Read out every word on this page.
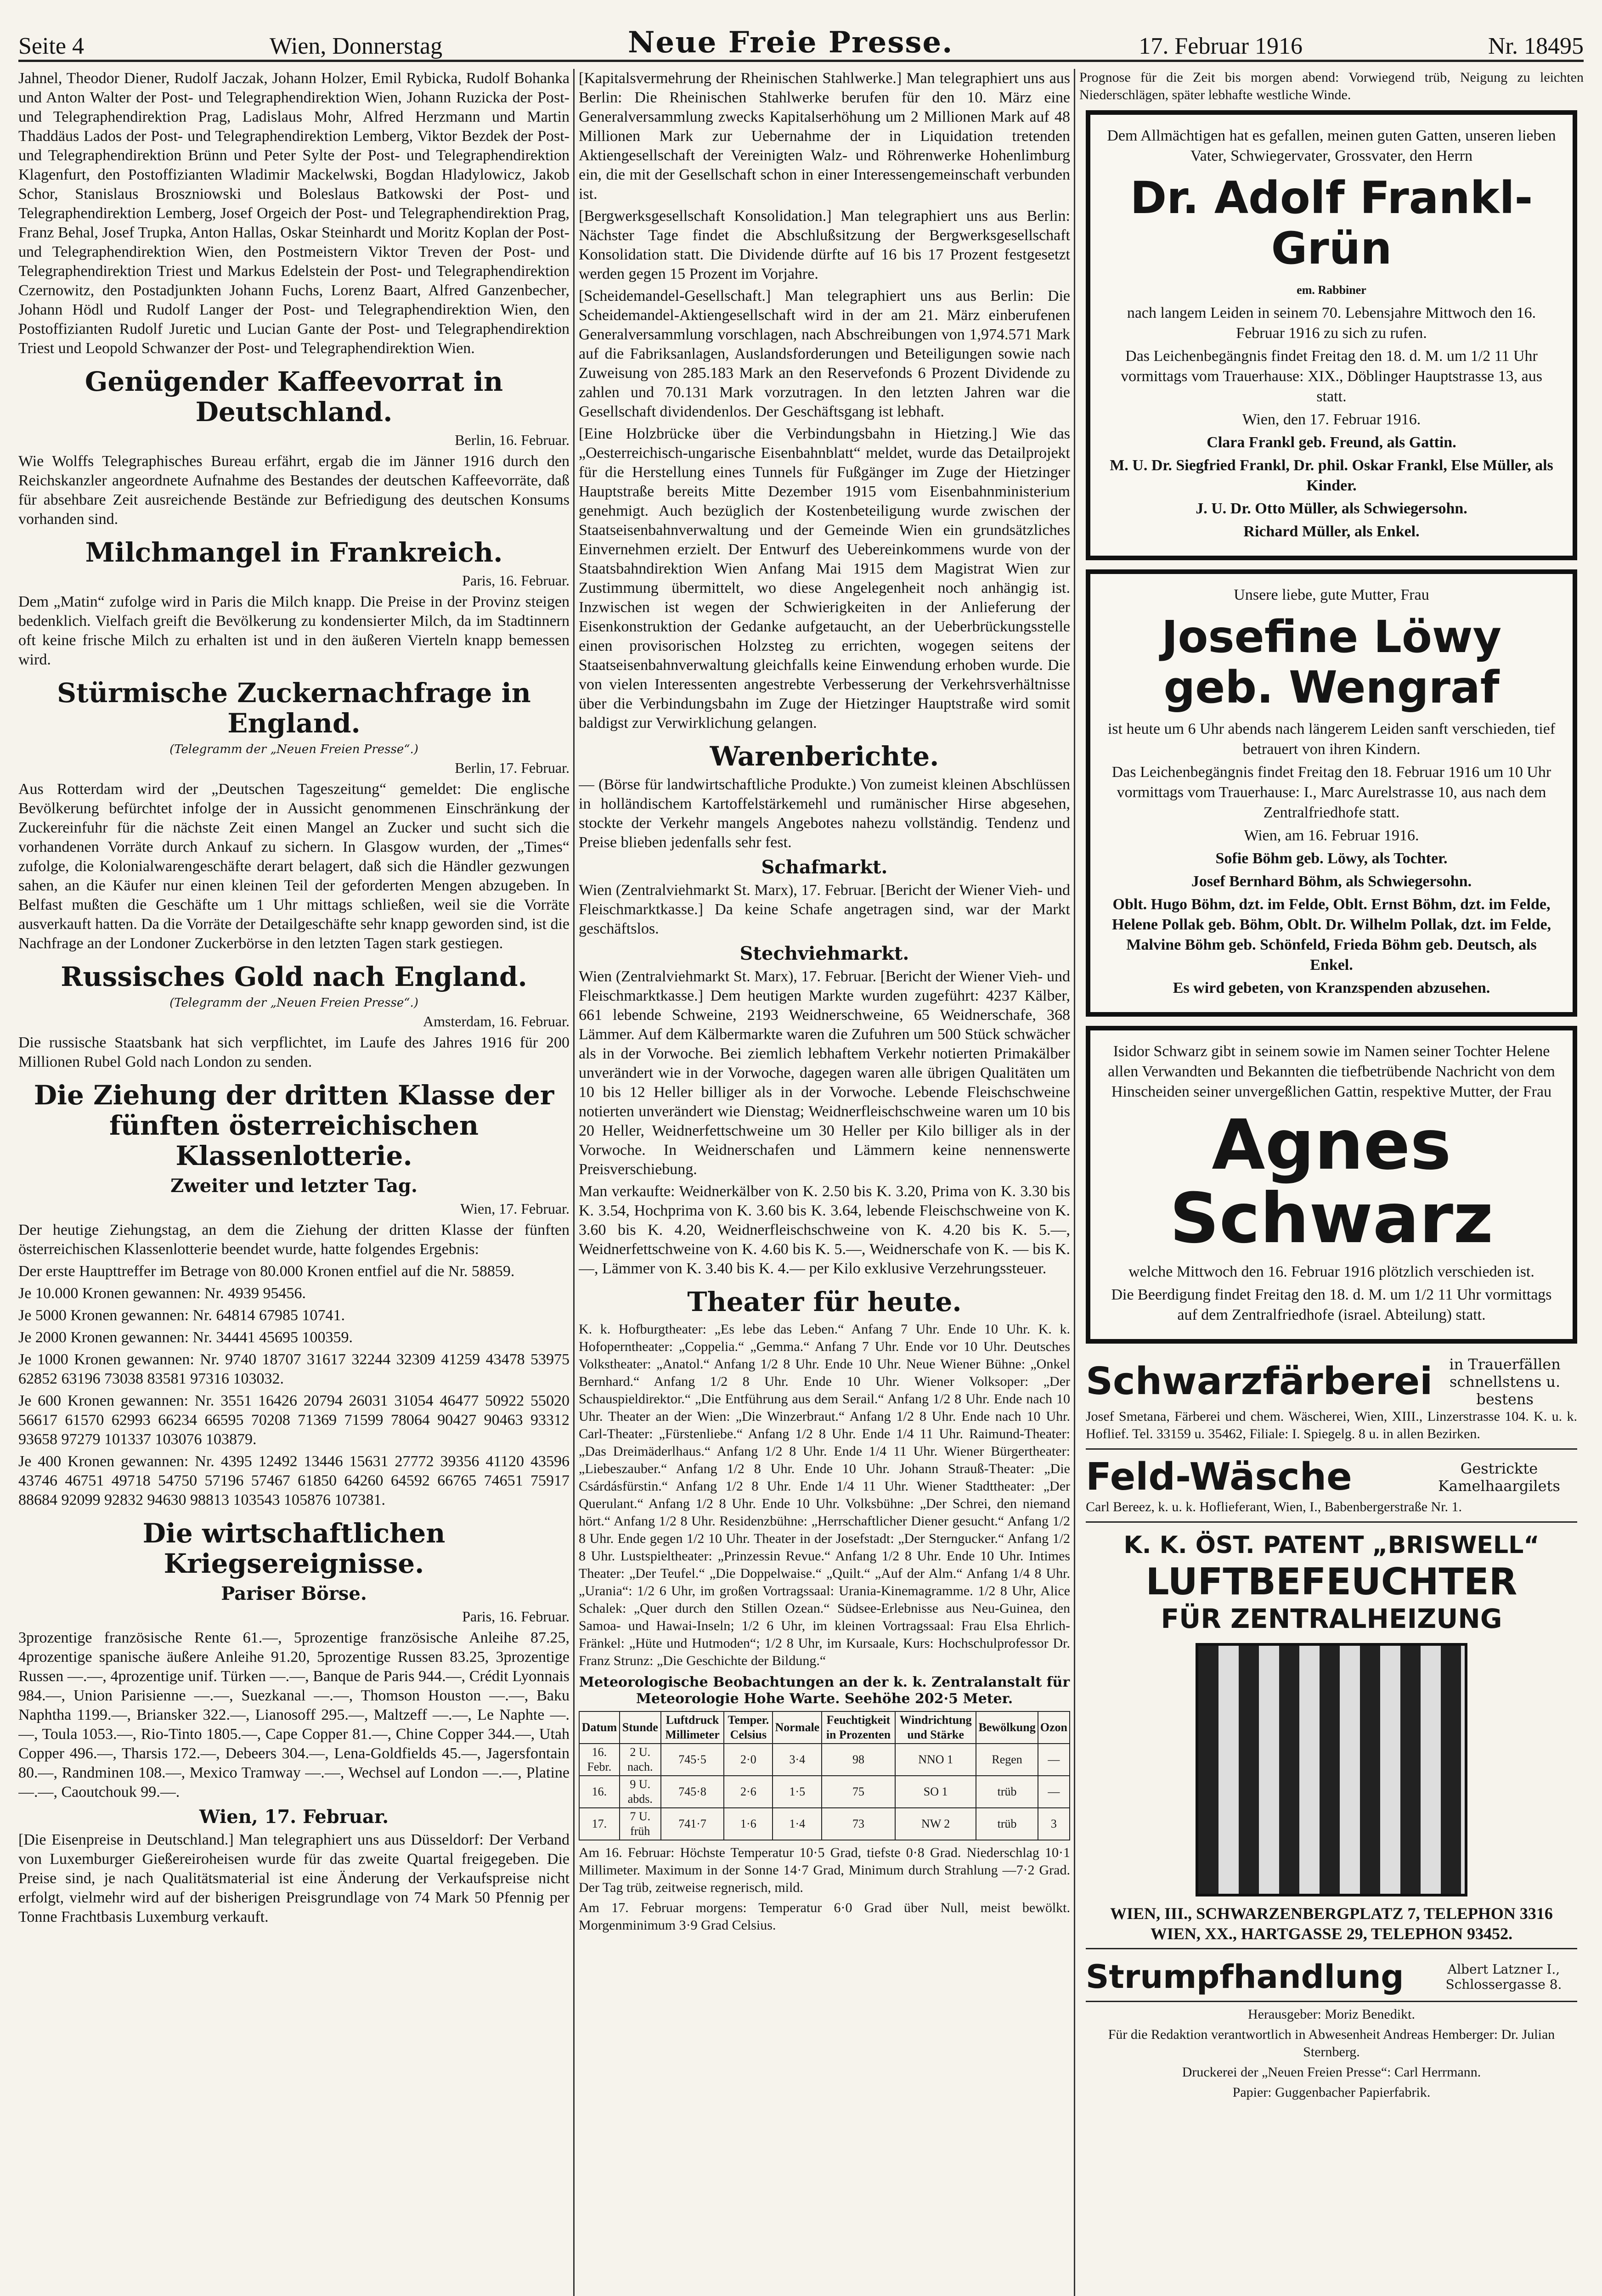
Seite 4	Wien, Donnerstag	Neue Freie Presse.	17. Februar 1916	Nr. 18495

Jahnel, Theodor Diener, Rudolf Jaczak, Johann Holzer, Emil Rybicka, Rudolf Bohanka und Anton Walter der Post- und Telegraphendirektion Wien, Johann Ruzicka der Post- und Telegraphendirektion Prag, Ladislaus Mohr, Alfred Herzmann und Martin Thaddäus Lados der Post- und Telegraphendirektion Lemberg, Viktor Bezdek der Post- und Telegraphendirektion Brünn und Peter Sylte der Post- und Telegraphendirektion Klagenfurt, den Postoffizianten Wladimir Mackelwski, Bogdan Hladylowicz, Jakob Schor, Stanislaus Broszniowski und Boleslaus Batkowski der Post- und Telegraphendirektion Lemberg, Josef Orgeich der Post- und Telegraphendirektion Prag, Franz Behal, Josef Trupka, Anton Hallas, Oskar Steinhardt und Moritz Koplan der Post- und Telegraphendirektion Wien, den Postmeistern Viktor Treven der Post- und Telegraphendirektion Triest und Markus Edelstein der Post- und Telegraphendirektion Czernowitz, den Postadjunkten Johann Fuchs, Lorenz Baart, Alfred Ganzenbecher, Johann Hödl und Rudolf Langer der Post- und Telegraphendirektion Wien, den Postoffizianten Rudolf Juretic und Lucian Gante der Post- und Telegraphendirektion Triest und Leopold Schwanzer der Post- und Telegraphendirektion Wien.

Genügender Kaffeevorrat in Deutschland.
Berlin, 16. Februar.

Wie Wolffs Telegraphisches Bureau erfährt, ergab die im Jänner 1916 durch den Reichskanzler angeordnete Aufnahme des Bestandes der deutschen Kaffeevorräte, daß für absehbare Zeit ausreichende Bestände zur Befriedigung des deutschen Konsums vorhanden sind.

Milchmangel in Frankreich.
Paris, 16. Februar.

Dem „Matin“ zufolge wird in Paris die Milch knapp. Die Preise in der Provinz steigen bedenklich. Vielfach greift die Bevölkerung zu kondensierter Milch, da im Stadtinnern oft keine frische Milch zu erhalten ist und in den äußeren Vierteln knapp bemessen wird.

Stürmische Zuckernachfrage in England.
(Telegramm der „Neuen Freien Presse“.)
Berlin, 17. Februar.

Aus Rotterdam wird der „Deutschen Tageszeitung“ gemeldet: Die englische Bevölkerung befürchtet infolge der in Aussicht genommenen Einschränkung der Zuckereinfuhr für die nächste Zeit einen Mangel an Zucker und sucht sich die vorhandenen Vorräte durch Ankauf zu sichern. In Glasgow wurden, der „Times“ zufolge, die Kolonialwarengeschäfte derart belagert, daß sich die Händler gezwungen sahen, an die Käufer nur einen kleinen Teil der geforderten Mengen abzugeben. In Belfast mußten die Geschäfte um 1 Uhr mittags schließen, weil sie die Vorräte ausverkauft hatten. Da die Vorräte der Detailgeschäfte sehr knapp geworden sind, ist die Nachfrage an der Londoner Zuckerbörse in den letzten Tagen stark gestiegen.

Russisches Gold nach England.
(Telegramm der „Neuen Freien Presse“.)
Amsterdam, 16. Februar.

Die russische Staatsbank hat sich verpflichtet, im Laufe des Jahres 1916 für 200 Millionen Rubel Gold nach London zu senden.

Die Ziehung der dritten Klasse der fünften österreichischen Klassenlotterie.
Zweiter und letzter Tag.
Wien, 17. Februar.

Der heutige Ziehungstag, an dem die Ziehung der dritten Klasse der fünften österreichischen Klassenlotterie beendet wurde, hatte folgendes Ergebnis:

Der erste Haupttreffer im Betrage von 80.000 Kronen entfiel auf die Nr. 58859.

Je 10.000 Kronen gewannen: Nr. 4939 95456.

Je 5000 Kronen gewannen: Nr. 64814 67985 10741.

Je 2000 Kronen gewannen: Nr. 34441 45695 100359.

Je 1000 Kronen gewannen: Nr. 9740 18707 31617 32244 32309 41259 43478 53975 62852 63196 73038 83581 97316 103032.

Je 600 Kronen gewannen: Nr. 3551 16426 20794 26031 31054 46477 50922 55020 56617 61570 62993 66234 66595 70208 71369 71599 78064 90427 90463 93312 93658 97279 101337 103076 103879.

Je 400 Kronen gewannen: Nr. 4395 12492 13446 15631 27772 39356 41120 43596 43746 46751 49718 54750 57196 57467 61850 64260 64592 66765 74651 75917 88684 92099 92832 94630 98813 103543 105876 107381.

Die wirtschaftlichen Kriegsereignisse.
Pariser Börse.
Paris, 16. Februar.

3prozentige französische Rente 61.—, 5prozentige französische Anleihe 87.25, 4prozentige spanische äußere Anleihe 91.20, 5prozentige Russen 83.25, 3prozentige Russen —.—, 4prozentige unif. Türken —.—, Banque de Paris 944.—, Crédit Lyonnais 984.—, Union Parisienne —.—, Suezkanal —.—, Thomson Houston —.—, Baku Naphtha 1199.—, Briansker 322.—, Lianosoff 295.—, Maltzeff —.—, Le Naphte —.—, Toula 1053.—, Rio-Tinto 1805.—, Cape Copper 81.—, Chine Copper 344.—, Utah Copper 496.—, Tharsis 172.—, Debeers 304.—, Lena-Goldfields 45.—, Jagersfontain 80.—, Randminen 108.—, Mexico Tramway —.—, Wechsel auf London —.—, Platine —.—, Caoutchouk 99.—.

Wien, 17. Februar.

[Die Eisenpreise in Deutschland.] Man telegraphiert uns aus Düsseldorf: Der Verband von Luxemburger Gießereiroheisen wurde für das zweite Quartal freigegeben. Die Preise sind, je nach Qualitätsmaterial ist eine Änderung der Verkaufspreise nicht erfolgt, vielmehr wird auf der bisherigen Preisgrundlage von 74 Mark 50 Pfennig per Tonne Frachtbasis Luxemburg verkauft.

[Kapitalsvermehrung der Rheinischen Stahlwerke.] Man telegraphiert uns aus Berlin: Die Rheinischen Stahlwerke berufen für den 10. März eine Generalversammlung zwecks Kapitalserhöhung um 2 Millionen Mark auf 48 Millionen Mark zur Uebernahme der in Liquidation tretenden Aktiengesellschaft der Vereinigten Walz- und Röhrenwerke Hohenlimburg ein, die mit der Gesellschaft schon in einer Interessengemeinschaft verbunden ist.

[Bergwerksgesellschaft Konsolidation.] Man telegraphiert uns aus Berlin: Nächster Tage findet die Abschlußsitzung der Bergwerksgesellschaft Konsolidation statt. Die Dividende dürfte auf 16 bis 17 Prozent festgesetzt werden gegen 15 Prozent im Vorjahre.

[Scheidemandel-Gesellschaft.] Man telegraphiert uns aus Berlin: Die Scheidemandel-Aktiengesellschaft wird in der am 21. März einberufenen Generalversammlung vorschlagen, nach Abschreibungen von 1,974.571 Mark auf die Fabriksanlagen, Auslandsforderungen und Beteiligungen sowie nach Zuweisung von 285.183 Mark an den Reservefonds 6 Prozent Dividende zu zahlen und 70.131 Mark vorzutragen. In den letzten Jahren war die Gesellschaft dividendenlos. Der Geschäftsgang ist lebhaft.

[Eine Holzbrücke über die Verbindungsbahn in Hietzing.] Wie das „Oesterreichisch-ungarische Eisenbahnblatt“ meldet, wurde das Detailprojekt für die Herstellung eines Tunnels für Fußgänger im Zuge der Hietzinger Hauptstraße bereits Mitte Dezember 1915 vom Eisenbahnministerium genehmigt. Auch bezüglich der Kostenbeteiligung wurde zwischen der Staatseisenbahnverwaltung und der Gemeinde Wien ein grundsätzliches Einvernehmen erzielt. Der Entwurf des Uebereinkommens wurde von der Staatsbahndirektion Wien Anfang Mai 1915 dem Magistrat Wien zur Zustimmung übermittelt, wo diese Angelegenheit noch anhängig ist. Inzwischen ist wegen der Schwierigkeiten in der Anlieferung der Eisenkonstruktion der Gedanke aufgetaucht, an der Ueberbrückungsstelle einen provisorischen Holzsteg zu errichten, wogegen seitens der Staatseisenbahnverwaltung gleichfalls keine Einwendung erhoben wurde. Die von vielen Interessenten angestrebte Verbesserung der Verkehrsverhältnisse über die Verbindungsbahn im Zuge der Hietzinger Hauptstraße wird somit baldigst zur Verwirklichung gelangen.

Warenberichte.

— (Börse für landwirtschaftliche Produkte.) Von zumeist kleinen Abschlüssen in holländischem Kartoffelstärkemehl und rumänischer Hirse abgesehen, stockte der Verkehr mangels Angebotes nahezu vollständig. Tendenz und Preise blieben jedenfalls sehr fest.

Schafmarkt.

Wien (Zentralviehmarkt St. Marx), 17. Februar. [Bericht der Wiener Vieh- und Fleischmarktkasse.] Da keine Schafe angetragen sind, war der Markt geschäftslos.

Stechviehmarkt.

Wien (Zentralviehmarkt St. Marx), 17. Februar. [Bericht der Wiener Vieh- und Fleischmarktkasse.] Dem heutigen Markte wurden zugeführt: 4237 Kälber, 661 lebende Schweine, 2193 Weidnerschweine, 65 Weidnerschafe, 368 Lämmer. Auf dem Kälbermarkte waren die Zufuhren um 500 Stück schwächer als in der Vorwoche. Bei ziemlich lebhaftem Verkehr notierten Primakälber unverändert wie in der Vorwoche, dagegen waren alle übrigen Qualitäten um 10 bis 12 Heller billiger als in der Vorwoche. Lebende Fleischschweine notierten unverändert wie Dienstag; Weidnerfleischschweine waren um 10 bis 20 Heller, Weidnerfettschweine um 30 Heller per Kilo billiger als in der Vorwoche. In Weidnerschafen und Lämmern keine nennenswerte Preisverschiebung.

Man verkaufte: Weidnerkälber von K. 2.50 bis K. 3.20, Prima von K. 3.30 bis K. 3.54, Hochprima von K. 3.60 bis K. 3.64, lebende Fleischschweine von K. 3.60 bis K. 4.20, Weidnerfleischschweine von K. 4.20 bis K. 5.—, Weidnerfettschweine von K. 4.60 bis K. 5.—, Weidnerschafe von K. — bis K. —, Lämmer von K. 3.40 bis K. 4.— per Kilo exklusive Verzehrungssteuer.

Theater für heute.

K. k. Hofburgtheater: „Es lebe das Leben.“ Anfang 7 Uhr. Ende 10 Uhr. K. k. Hofoperntheater: „Coppelia.“ „Gemma.“ Anfang 7 Uhr. Ende vor 10 Uhr. Deutsches Volkstheater: „Anatol.“ Anfang 1/2 8 Uhr. Ende 10 Uhr. Neue Wiener Bühne: „Onkel Bernhard.“ Anfang 1/2 8 Uhr. Ende 10 Uhr. Wiener Volksoper: „Der Schauspieldirektor.“ „Die Entführung aus dem Serail.“ Anfang 1/2 8 Uhr. Ende nach 10 Uhr. Theater an der Wien: „Die Winzerbraut.“ Anfang 1/2 8 Uhr. Ende nach 10 Uhr. Carl-Theater: „Fürstenliebe.“ Anfang 1/2 8 Uhr. Ende 1/4 11 Uhr. Raimund-Theater: „Das Dreimäderlhaus.“ Anfang 1/2 8 Uhr. Ende 1/4 11 Uhr. Wiener Bürgertheater: „Liebeszauber.“ Anfang 1/2 8 Uhr. Ende 10 Uhr. Johann Strauß-Theater: „Die Csárdásfürstin.“ Anfang 1/2 8 Uhr. Ende 1/4 11 Uhr. Wiener Stadttheater: „Der Querulant.“ Anfang 1/2 8 Uhr. Ende 10 Uhr. Volksbühne: „Der Schrei, den niemand hört.“ Anfang 1/2 8 Uhr. Residenzbühne: „Herrschaftlicher Diener gesucht.“ Anfang 1/2 8 Uhr. Ende gegen 1/2 10 Uhr. Theater in der Josefstadt: „Der Sterngucker.“ Anfang 1/2 8 Uhr. Lustspieltheater: „Prinzessin Revue.“ Anfang 1/2 8 Uhr. Ende 10 Uhr. Intimes Theater: „Der Teufel.“ „Die Doppelwaise.“ „Quilt.“ „Auf der Alm.“ Anfang 1/4 8 Uhr. „Urania“: 1/2 6 Uhr, im großen Vortragssaal: Urania-Kinemagramme. 1/2 8 Uhr, Alice Schalek: „Quer durch den Stillen Ozean.“ Südsee-Erlebnisse aus Neu-Guinea, den Samoa- und Hawai-Inseln; 1/2 6 Uhr, im kleinen Vortragssaal: Frau Elsa Ehrlich-Fränkel: „Hüte und Hutmoden“; 1/2 8 Uhr, im Kursaale, Kurs: Hochschulprofessor Dr. Franz Strunz: „Die Geschichte der Bildung.“

Meteorologische Beobachtungen an der k. k. Zentralanstalt für Meteorologie Hohe Warte. Seehöhe 202·5 Meter.
Datum	Stunde	Luftdruck Millimeter	Temper. Celsius	Normale	Feuchtigkeit in Prozenten	Windrichtung und Stärke	Bewölkung	Ozon
16. Febr.	2 U. nach.	745·5	2·0	3·4	98	NNO 1	Regen	—
16.	9 U. abds.	745·8	2·6	1·5	75	SO 1	trüb	—
17.	7 U. früh	741·7	1·6	1·4	73	NW 2	trüb	3

Am 16. Februar: Höchste Temperatur 10·5 Grad, tiefste 0·8 Grad. Niederschlag 10·1 Millimeter. Maximum in der Sonne 14·7 Grad, Minimum durch Strahlung —7·2 Grad. Der Tag trüb, zeitweise regnerisch, mild.

Am 17. Februar morgens: Temperatur 6·0 Grad über Null, meist bewölkt. Morgenminimum 3·9 Grad Celsius.

Prognose für die Zeit bis morgen abend: Vorwiegend trüb, Neigung zu leichten Niederschlägen, später lebhafte westliche Winde.

Dem Allmächtigen hat es gefallen, meinen guten Gatten, unseren lieben Vater, Schwiegervater, Grossvater, den Herrn

Dr. Adolf Frankl-Grün

em. Rabbiner

nach langem Leiden in seinem 70. Lebensjahre Mittwoch den 16. Februar 1916 zu sich zu rufen.

Das Leichenbegängnis findet Freitag den 18. d. M. um 1/2 11 Uhr vormittags vom Trauerhause: XIX., Döblinger Hauptstrasse 13, aus statt.

Wien, den 17. Februar 1916.

Clara Frankl geb. Freund, als Gattin.

M. U. Dr. Siegfried Frankl, Dr. phil. Oskar Frankl, Else Müller, als Kinder.

J. U. Dr. Otto Müller, als Schwiegersohn.

Richard Müller, als Enkel.

Unsere liebe, gute Mutter, Frau

Josefine Löwy geb. Wengraf

ist heute um 6 Uhr abends nach längerem Leiden sanft verschieden, tief betrauert von ihren Kindern.

Das Leichenbegängnis findet Freitag den 18. Februar 1916 um 10 Uhr vormittags vom Trauerhause: I., Marc Aurelstrasse 10, aus nach dem Zentralfriedhofe statt.

Wien, am 16. Februar 1916.

Sofie Böhm geb. Löwy, als Tochter.

Josef Bernhard Böhm, als Schwiegersohn.

Oblt. Hugo Böhm, dzt. im Felde, Oblt. Ernst Böhm, dzt. im Felde, Helene Pollak geb. Böhm, Oblt. Dr. Wilhelm Pollak, dzt. im Felde, Malvine Böhm geb. Schönfeld, Frieda Böhm geb. Deutsch, als Enkel.

Es wird gebeten, von Kranzspenden abzusehen.

Isidor Schwarz gibt in seinem sowie im Namen seiner Tochter Helene allen Verwandten und Bekannten die tiefbetrübende Nachricht von dem Hinscheiden seiner unvergeßlichen Gattin, respektive Mutter, der Frau

Agnes Schwarz

welche Mittwoch den 16. Februar 1916 plötzlich verschieden ist.

Die Beerdigung findet Freitag den 18. d. M. um 1/2 11 Uhr vormittags auf dem Zentralfriedhofe (israel. Abteilung) statt.

Schwarzfärberei	in Trauerfällen schnellstens u. bestens

Josef Smetana, Färberei und chem. Wäscherei, Wien, XIII., Linzerstrasse 104. K. u. k. Hoflief. Tel. 33159 u. 35462, Filiale: I. Spiegelg. 8 u. in allen Bezirken.

Feld-Wäsche	Gestrickte Kamelhaargilets

Carl Bereez, k. u. k. Hoflieferant, Wien, I., Babenbergerstraße Nr. 1.

K. K. ÖST. PATENT „BRISWELL“
LUFTBEFEUCHTER
FÜR ZENTRALHEIZUNG

WIEN, III., SCHWARZENBERGPLATZ 7, TELEPHON 3316

WIEN, XX., HARTGASSE 29, TELEPHON 93452.

Strumpfhandlung	Albert Latzner I., Schlossergasse 8.

Herausgeber: Moriz Benedikt.

Für die Redaktion verantwortlich in Abwesenheit Andreas Hemberger: Dr. Julian Sternberg.

Druckerei der „Neuen Freien Presse“: Carl Herrmann.

Papier: Guggenbacher Papierfabrik.
